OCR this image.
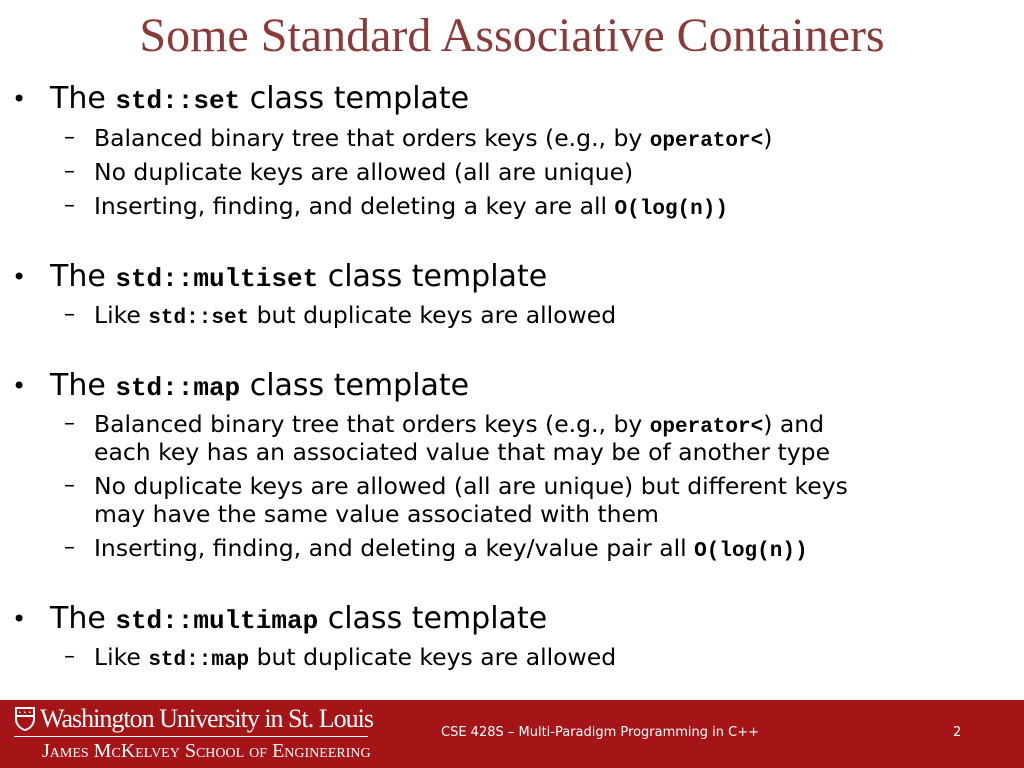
Some Standard Associative Containers
• The std::set class template
– Balanced binary tree that orders keys (e.g., by operator<)
– No duplicate keys are allowed (all are unique)
– Inserting, finding, and deleting a key are all O(log(n))
• The std::multiset class template
– Like std::set but duplicate keys are allowed
• The std::map class template
– Balanced binary tree that orders keys (e.g., by operator<) and
each key has an associated value that may be of another type
– No duplicate keys are allowed (all are unique) but different keys
may have the same value associated with them
– Inserting, finding, and deleting a key/value pair all O(log(n))
• The std::multimap class template
– Like std::map but duplicate keys are allowed
Washington University in St. Louis
James McKelvey School of Engineering
CSE 428S – Multi-Paradigm Programming in C++	2
